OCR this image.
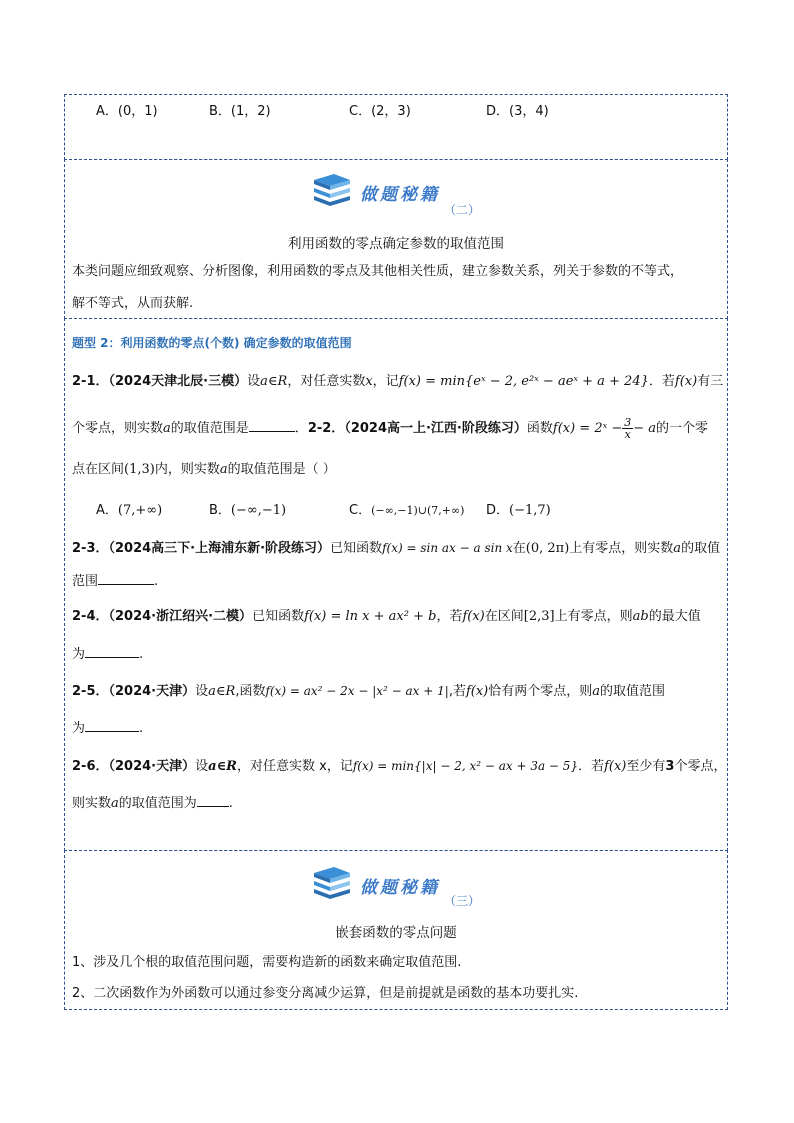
A．(0，1)	B．(1，2)	C．(2，3)	D．(3，4)
做题秘籍
（二）
利用函数的零点确定参数的取值范围
本类问题应细致观察、分析图像，利用函数的零点及其他相关性质，建立参数关系，列关于参数的不等式，
解不等式，从而获解.
题型 2：利用函数的零点(个数) 确定参数的取值范围
2-1．（2024天津北辰·三模）设a∈R，对任意实数x，记f(x) = min{eˣ − 2, e²ˣ − aeˣ + a + 24}．若f(x)有三
个零点，则实数a的取值范围是	．2-2．（2024高一上·江西·阶段练习）函数f(x) = 2ˣ − $\frac{3}{x} - a$的一个零
点在区间(1,3)内，则实数a的取值范围是（ ）
A．(7,+∞)	B．(−∞,−1)	C．(−∞,−1)∪(7,+∞) D．(−1,7)
2-3．（2024高三下·上海浦东新·阶段练习）已知函数f(x) = sin ax − a sin x在(0, 2π)上有零点，则实数a的取值
范围	.
2-4．（2024·浙江绍兴·二模）已知函数f(x) = ln x + ax² + b，若f(x)在区间[2,3]上有零点，则ab的最大值
为	.
2-5．（2024·天津）设a∈R,函数f(x) = ax² − 2x − |x² − ax + 1|,若f(x)恰有两个零点，则a的取值范围
为	.
2-6．（2024·天津）设a∈R，对任意实数 x，记f(x) = min{|x| − 2, x² − ax + 3a − 5}．若f(x)至少有3个零点，
则实数a的取值范围为 .
做题秘籍
（三）
嵌套函数的零点问题
1、涉及几个根的取值范围问题，需要构造新的函数来确定取值范围.
2、二次函数作为外函数可以通过参变分离减少运算，但是前提就是函数的基本功要扎实.
